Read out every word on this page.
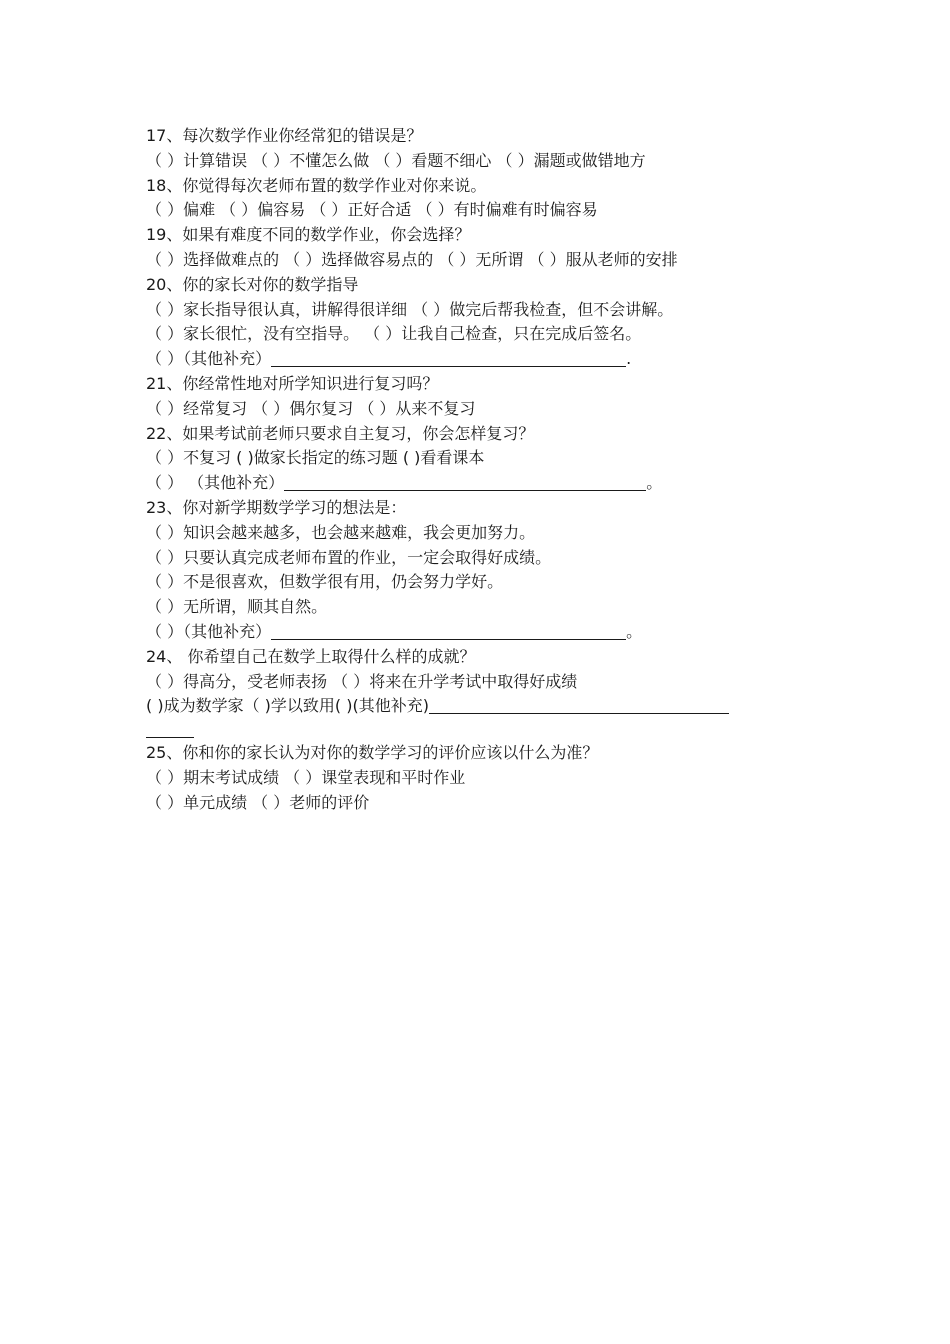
17、每次数学作业你经常犯的错误是？
（ ）计算错误 （ ）不懂怎么做 （ ）看题不细心 （ ）漏题或做错地方
18、你觉得每次老师布置的数学作业对你来说。
（ ）偏难 （ ）偏容易 （ ）正好合适 （ ）有时偏难有时偏容易
19、如果有难度不同的数学作业，你会选择？
（ ）选择做难点的 （ ）选择做容易点的 （ ）无所谓 （ ）服从老师的安排
20、你的家长对你的数学指导
（ ）家长指导很认真，讲解得很详细 （ ）做完后帮我检查，但不会讲解。
（ ）家长很忙，没有空指导。 （ ）让我自己检查，只在完成后签名。
（ ）（其他补充）	.
21、你经常性地对所学知识进行复习吗？
（ ）经常复习 （ ）偶尔复习 （ ）从来不复习
22、如果考试前老师只要求自主复习，你会怎样复习？
（ ）不复习 ( )做家长指定的练习题 ( )看看课本
（ ） （其他补充）	。
23、你对新学期数学学习的想法是：
（ ）知识会越来越多，也会越来越难，我会更加努力。
（ ）只要认真完成老师布置的作业，一定会取得好成绩。
（ ）不是很喜欢，但数学很有用，仍会努力学好。
（ ）无所谓，顺其自然。
（ ）（其他补充）	。
24、 你希望自己在数学上取得什么样的成就？
（ ）得高分，受老师表扬 （ ）将来在升学考试中取得好成绩
( )成为数学家（ )学以致用( )(其他补充)
25、你和你的家长认为对你的数学学习的评价应该以什么为准？
（ ）期末考试成绩 （ ）课堂表现和平时作业
（ ）单元成绩 （ ）老师的评价
